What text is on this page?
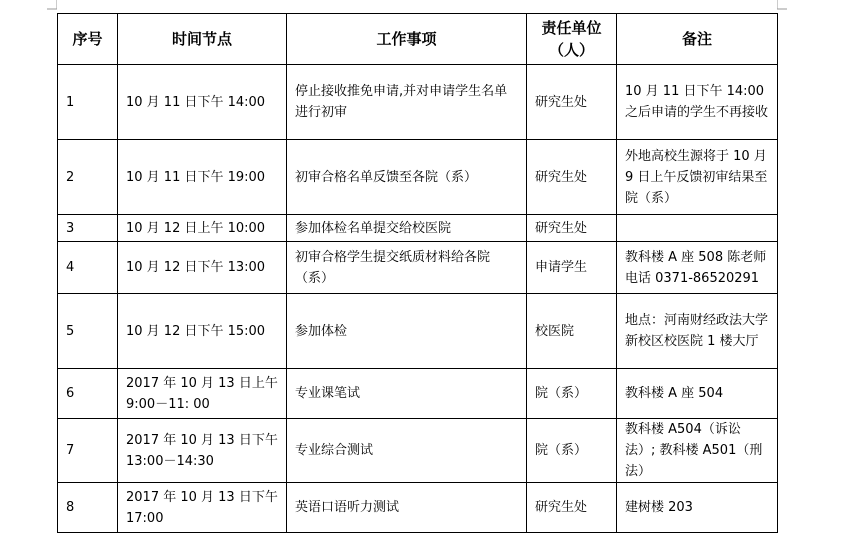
序号	时间节点	工作事项	责任单位（人）	备注
1	10 月 11 日下午 14:00	停止接收推免申请,并对申请学生名单进行初审	研究生处	10 月 11 日下午 14:00 之后申请的学生不再接收
2	10 月 11 日下午 19:00	初审合格名单反馈至各院（系）	研究生处	外地高校生源将于 10 月 9 日上午反馈初审结果至院（系）
3	10 月 12 日上午 10:00	参加体检名单提交给校医院	研究生处	
4	10 月 12 日下午 13:00	初审合格学生提交纸质材料给各院（系）	申请学生	教科楼 A 座 508 陈老师 电话 0371-86520291
5	10 月 12 日下午 15:00	参加体检	校医院	地点：河南财经政法大学新校区校医院 1 楼大厅
6	2017 年 10 月 13 日上午 9:00－11: 00	专业课笔试	院（系）	教科楼 A 座 504
7	2017 年 10 月 13 日下午 13:00－14:30	专业综合测试	院（系）	教科楼 A504（诉讼法）; 教科楼 A501（刑法）
8	2017 年 10 月 13 日下午 17:00	英语口语听力测试	研究生处	建树楼 203
